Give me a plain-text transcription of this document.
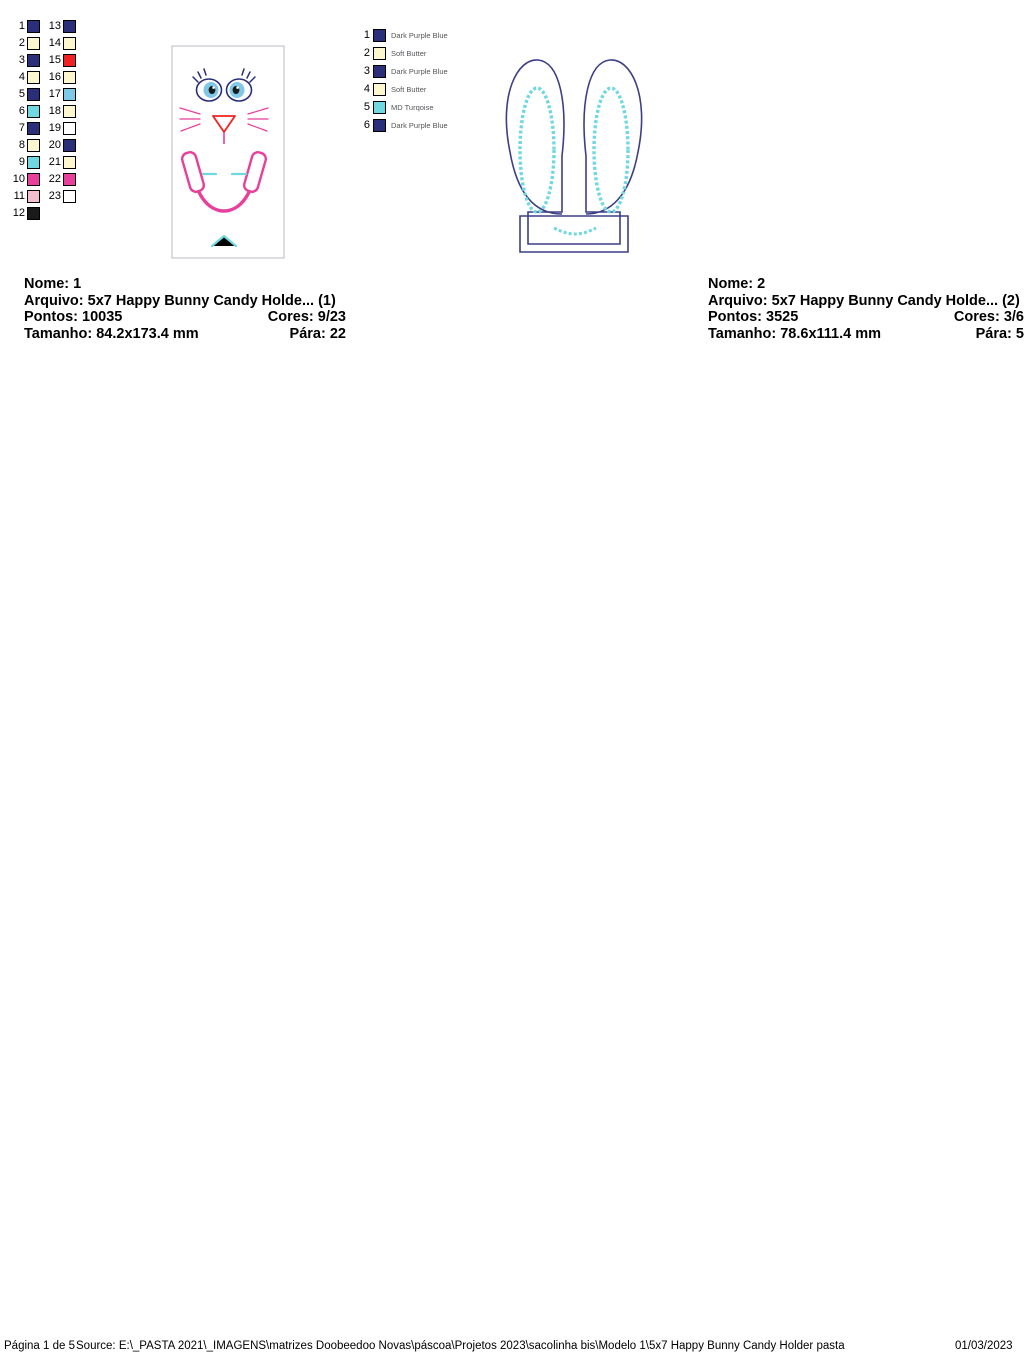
1
2
3
4
5
6
7
8
9
10
11
12
13
14
15
16
17
18
19
20
21
22
23
Nome: 1
Arquivo: 5x7 Happy Bunny Candy Holde... (1)
Pontos: 10035	Cores: 9/23
Tamanho: 84.2x173.4 mm	Pára: 22
1	Dark Purple Blue
2	Soft Butter
3	Dark Purple Blue
4	Soft Butter
5	MD Turqoise
6	Dark Purple Blue
Nome: 2
Arquivo: 5x7 Happy Bunny Candy Holde... (2)
Pontos: 3525	Cores: 3/6
Tamanho: 78.6x111.4 mm	Pára: 5
Página 1 de 5 Source: E:\_PASTA 2021\_IMAGENS\matrizes Doobeedoo Novas\páscoa\Projetos 2023\sacolinha bis\Modelo 1\5x7 Happy Bunny Candy Holder pasta	01/03/2023
